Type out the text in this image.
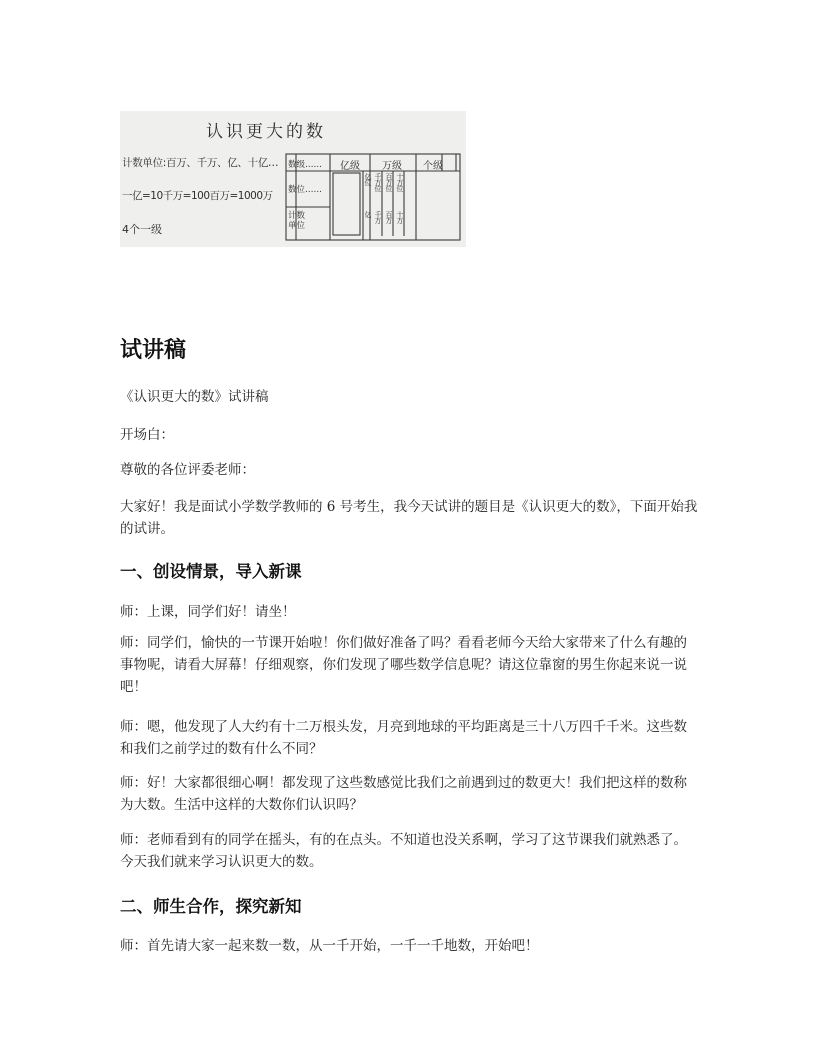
认识更大的数
计数单位:百万、千万、亿、十亿…
一亿=10千万=100百万=1000万
4个一级
数级……
数位……
计数单位
亿级 万级 个级
亿位 千万位 百万位 十万位
亿 千万 百万 十万
试讲稿

《认识更大的数》试讲稿

开场白：

尊敬的各位评委老师：

大家好！我是面试小学数学教师的 6 号考生，我今天试讲的题目是《认识更大的数》，下面开始我的试讲。

一、创设情景，导入新课

师：上课，同学们好！请坐！

师：同学们，愉快的一节课开始啦！你们做好准备了吗？看看老师今天给大家带来了什么有趣的事物呢，请看大屏幕！仔细观察，你们发现了哪些数学信息呢？请这位靠窗的男生你起来说一说吧！

师：嗯，他发现了人大约有十二万根头发，月亮到地球的平均距离是三十八万四千千米。这些数和我们之前学过的数有什么不同？

师：好！大家都很细心啊！都发现了这些数感觉比我们之前遇到过的数更大！我们把这样的数称为大数。生活中这样的大数你们认识吗？

师：老师看到有的同学在摇头，有的在点头。不知道也没关系啊，学习了这节课我们就熟悉了。今天我们就来学习认识更大的数。

二、师生合作，探究新知

师：首先请大家一起来数一数，从一千开始，一千一千地数，开始吧！
